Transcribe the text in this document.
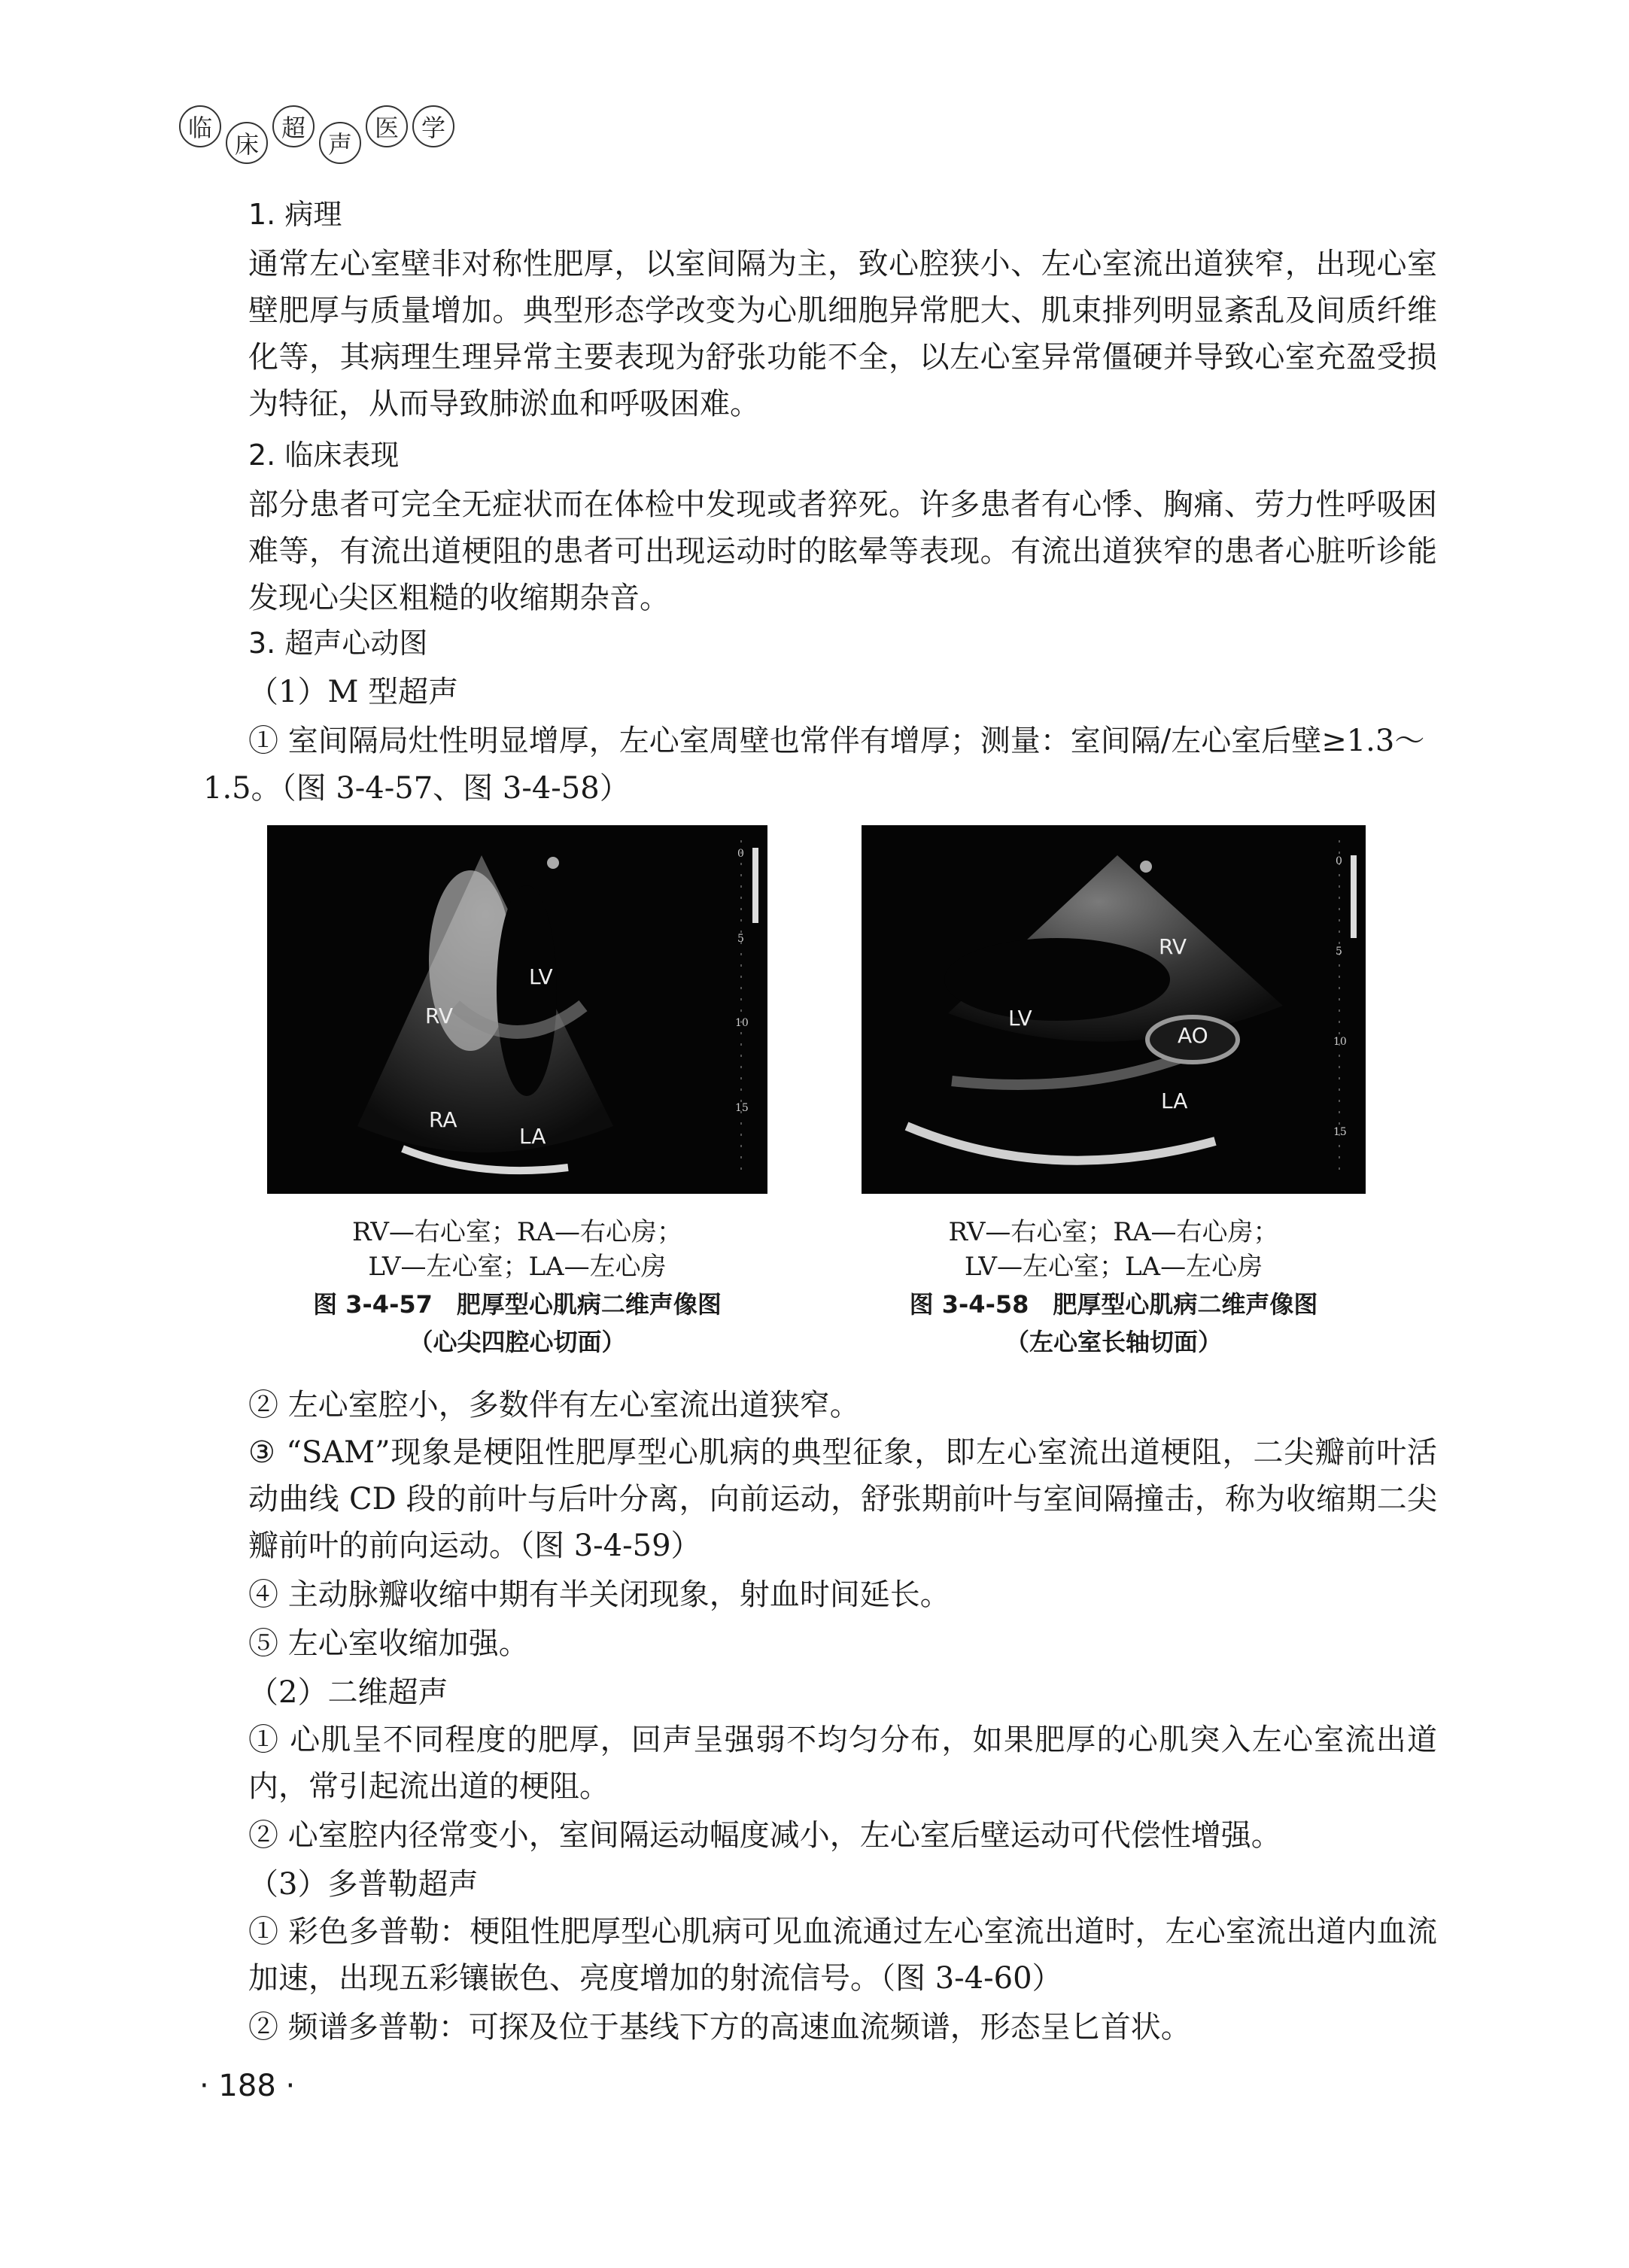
临
床
超
声
医 学
1. 病理
通常左心室壁非对称性肥厚，以室间隔为主，致心腔狭小、左心室流出道狭窄，出现心室壁肥厚与质量增加。典型形态学改变为心肌细胞异常肥大、肌束排列明显紊乱及间质纤维化等，其病理生理异常主要表现为舒张功能不全，以左心室异常僵硬并导致心室充盈受损为特征，从而导致肺淤血和呼吸困难。
2. 临床表现
部分患者可完全无症状而在体检中发现或者猝死。许多患者有心悸、胸痛、劳力性呼吸困难等，有流出道梗阻的患者可出现运动时的眩晕等表现。有流出道狭窄的患者心脏听诊能发现心尖区粗糙的收缩期杂音。
3. 超声心动图
（1）M 型超声
① 室间隔局灶性明显增厚，左心室周壁也常伴有增厚；测量：室间隔/左心室后壁≥1.3～
1.5。（图 3-4-57、图 3-4-58）
RV
LV
RA
LA
0
5
10
15
RV—右心室；RA—右心房；
LV—左心室；LA—左心房
图 3-4-57　肥厚型心肌病二维声像图
（心尖四腔心切面）
RV
LV
AO
LA
0
5
10
15
RV—右心室；RA—右心房；
LV—左心室；LA—左心房
图 3-4-58　肥厚型心肌病二维声像图
（左心室长轴切面）
② 左心室腔小，多数伴有左心室流出道狭窄。
③ “SAM”现象是梗阻性肥厚型心肌病的典型征象，即左心室流出道梗阻，二尖瓣前叶活动曲线 CD 段的前叶与后叶分离，向前运动，舒张期前叶与室间隔撞击，称为收缩期二尖瓣前叶的前向运动。（图 3-4-59）
④ 主动脉瓣收缩中期有半关闭现象，射血时间延长。
⑤ 左心室收缩加强。
（2）二维超声
① 心肌呈不同程度的肥厚，回声呈强弱不均匀分布，如果肥厚的心肌突入左心室流出道内，常引起流出道的梗阻。
② 心室腔内径常变小，室间隔运动幅度减小，左心室后壁运动可代偿性增强。
（3）多普勒超声
① 彩色多普勒：梗阻性肥厚型心肌病可见血流通过左心室流出道时，左心室流出道内血流加速，出现五彩镶嵌色、亮度增加的射流信号。（图 3-4-60）
② 频谱多普勒：可探及位于基线下方的高速血流频谱，形态呈匕首状。
· 188 ·
